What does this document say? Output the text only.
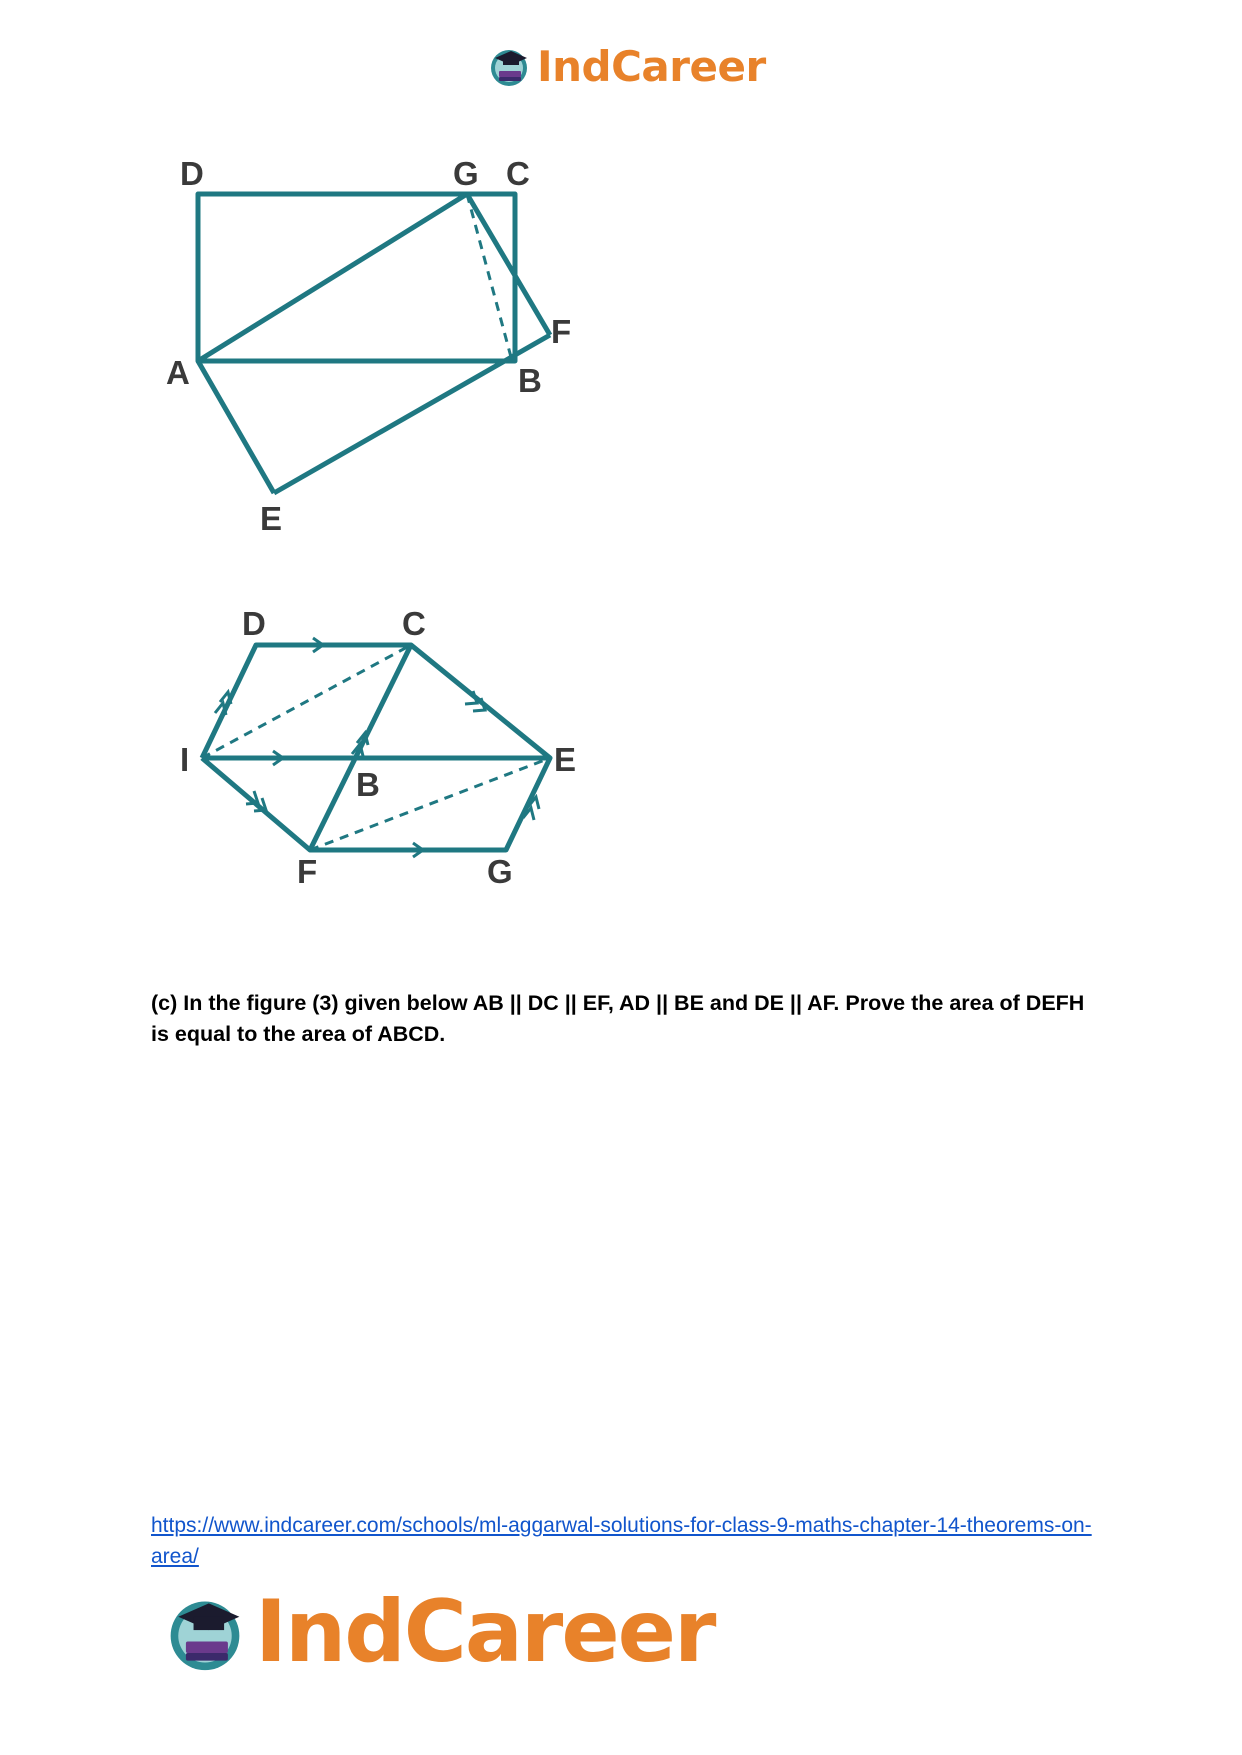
IndCareer
D	G C
F
A	B
E
D	C
I	E
B
F	G
(c) In the figure (3) given below AB || DC || EF, AD || BE and DE || AF. Prove the area of DEFH is equal to the area of ABCD.
https://www.indcareer.com/schools/ml-aggarwal-solutions-for-class-9-maths-chapter-14-theorems-on-area/
IndCareer
